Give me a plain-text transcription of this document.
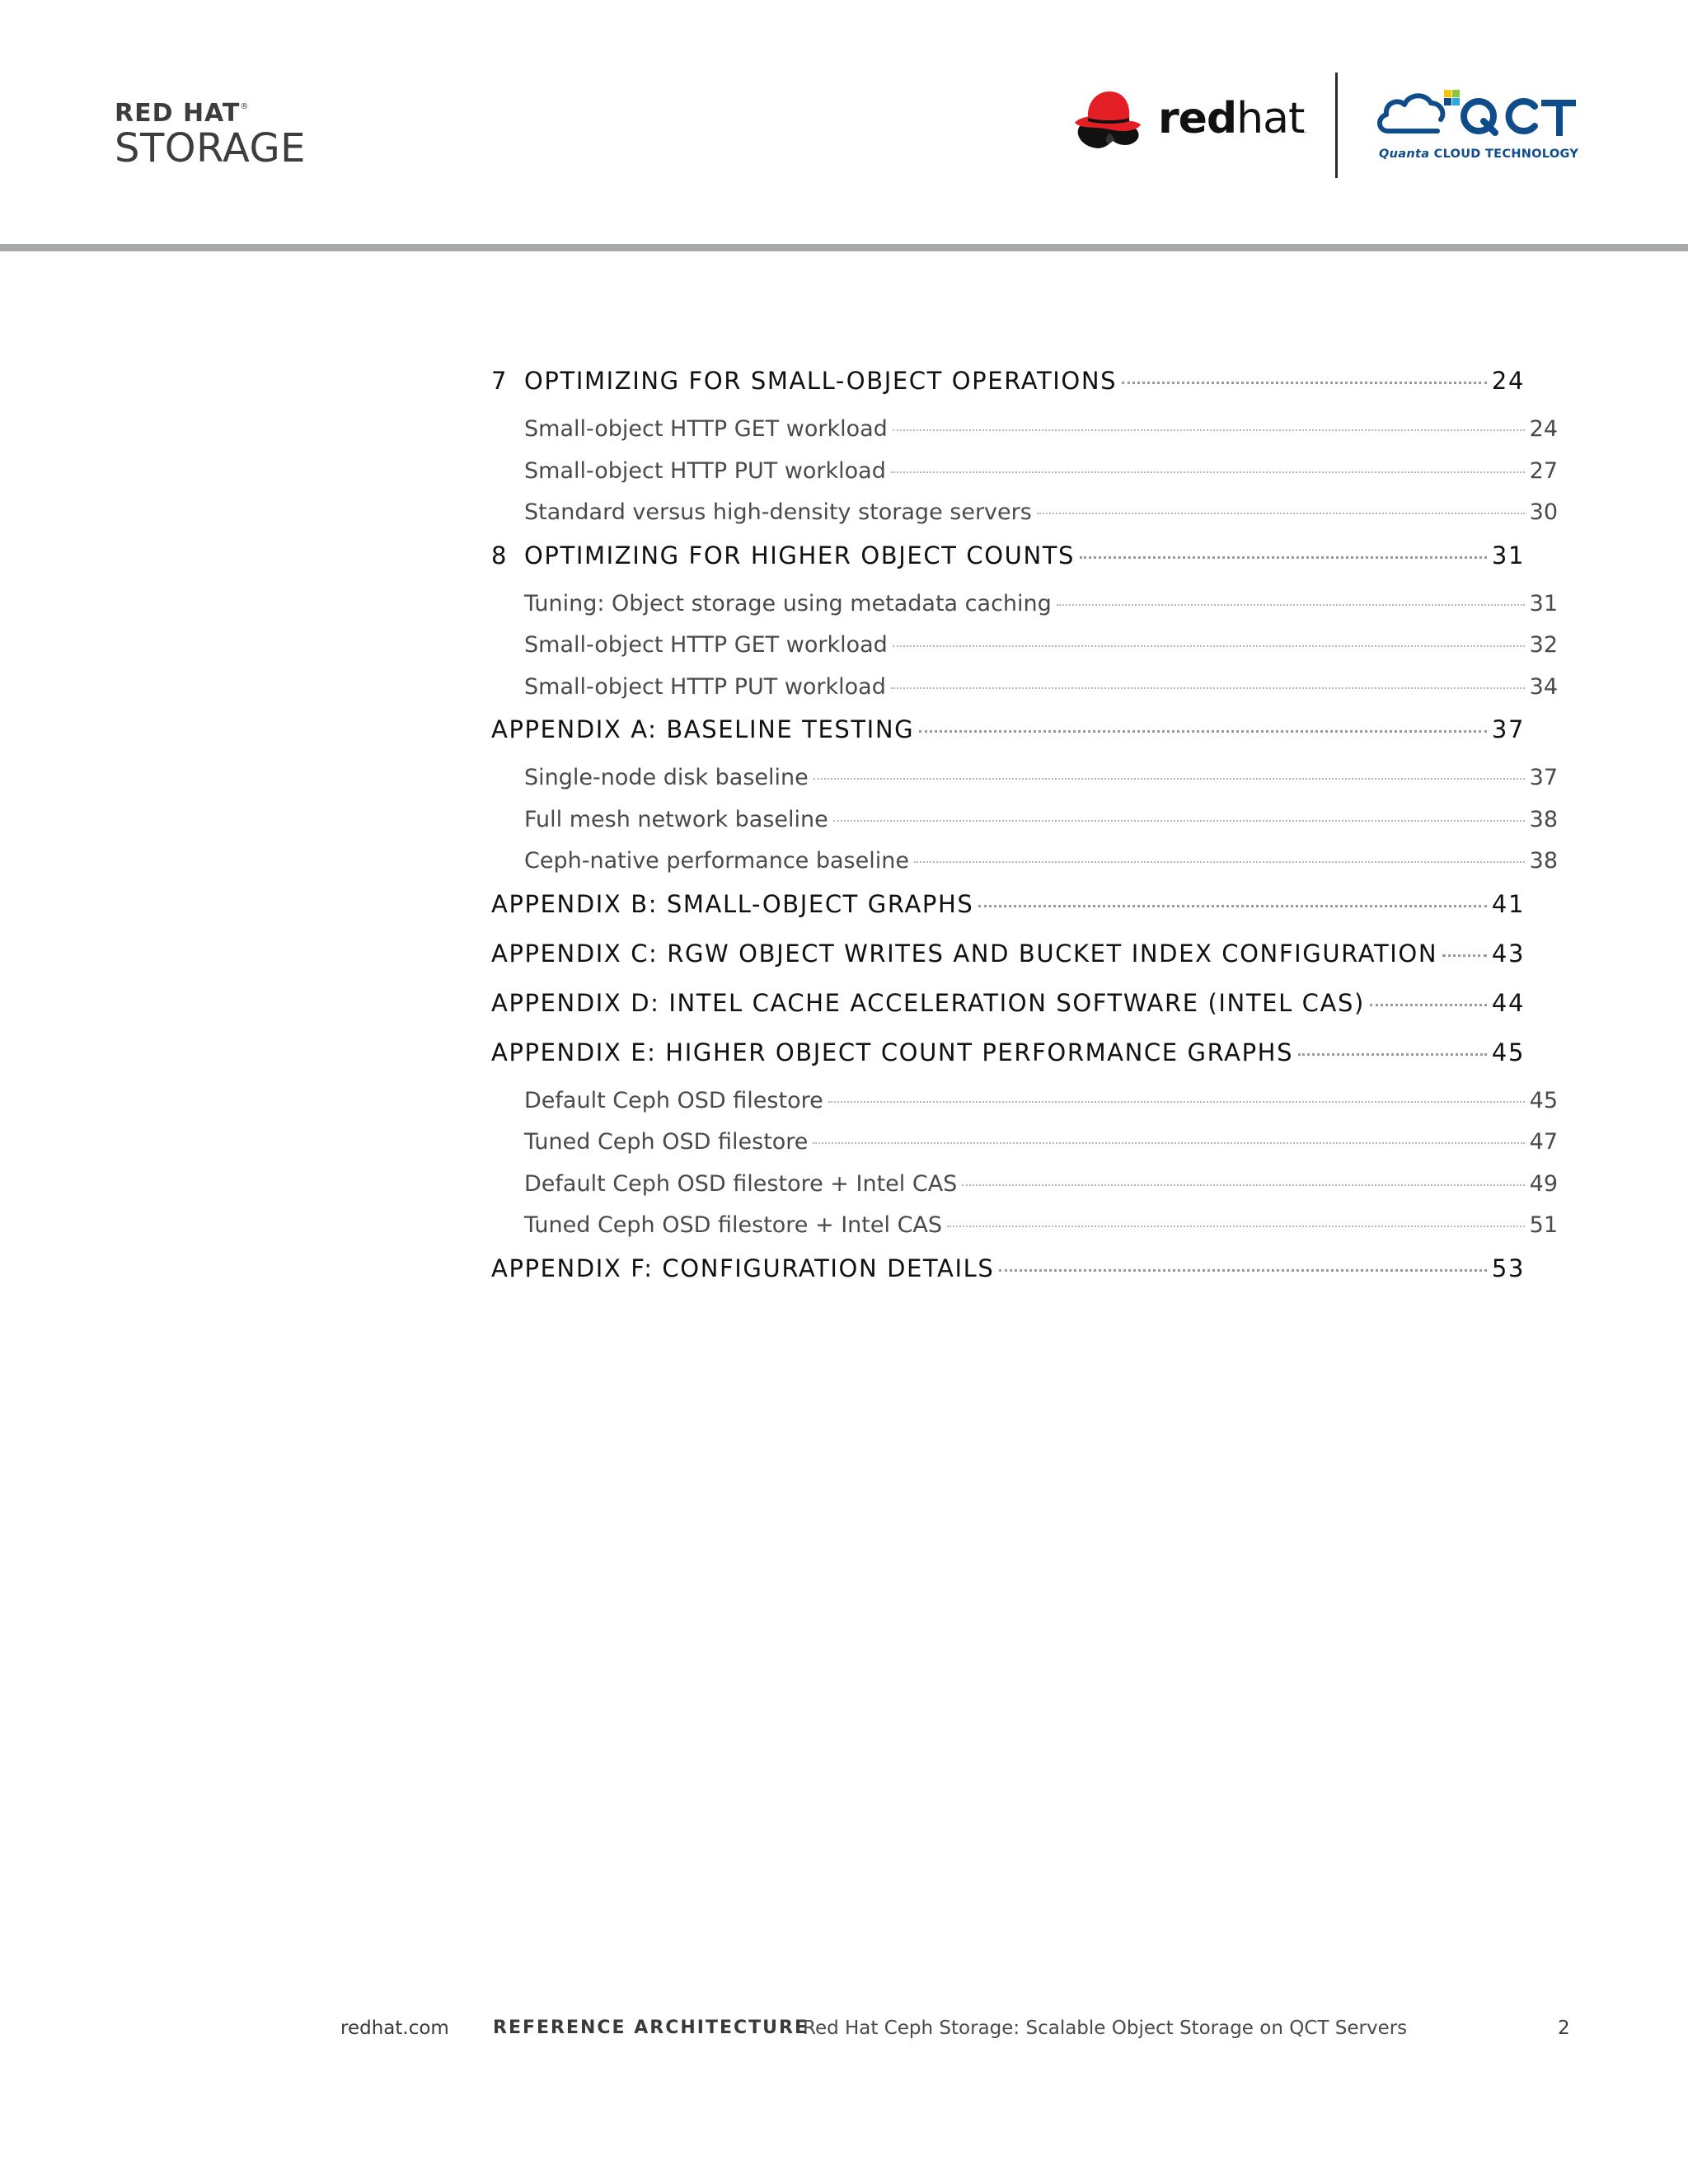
RED HAT®
STORAGE
redhat.
TM
Quanta CLOUD TECHNOLOGY
7 OPTIMIZING FOR SMALL-OBJECT OPERATIONS	24
Small-object HTTP GET workload	24
Small-object HTTP PUT workload	27
Standard versus high-density storage servers	30
8 OPTIMIZING FOR HIGHER OBJECT COUNTS	31
Tuning: Object storage using metadata caching	31
Small-object HTTP GET workload	32
Small-object HTTP PUT workload	34
APPENDIX A: BASELINE TESTING	37
Single-node disk baseline	37
Full mesh network baseline	38
Ceph-native performance baseline	38
APPENDIX B: SMALL-OBJECT GRAPHS	41
APPENDIX C: RGW OBJECT WRITES AND BUCKET INDEX CONFIGURATION 43
APPENDIX D: INTEL CACHE ACCELERATION SOFTWARE (INTEL CAS)	44
APPENDIX E: HIGHER OBJECT COUNT PERFORMANCE GRAPHS	45
Default Ceph OSD filestore	45
Tuned Ceph OSD filestore	47
Default Ceph OSD filestore + Intel CAS	49
Tuned Ceph OSD filestore + Intel CAS	51
APPENDIX F: CONFIGURATION DETAILS	53
redhat.com REFERENCE ARCHITECTURE
Red Hat Ceph Storage: Scalable Object Storage on QCT Servers	2
